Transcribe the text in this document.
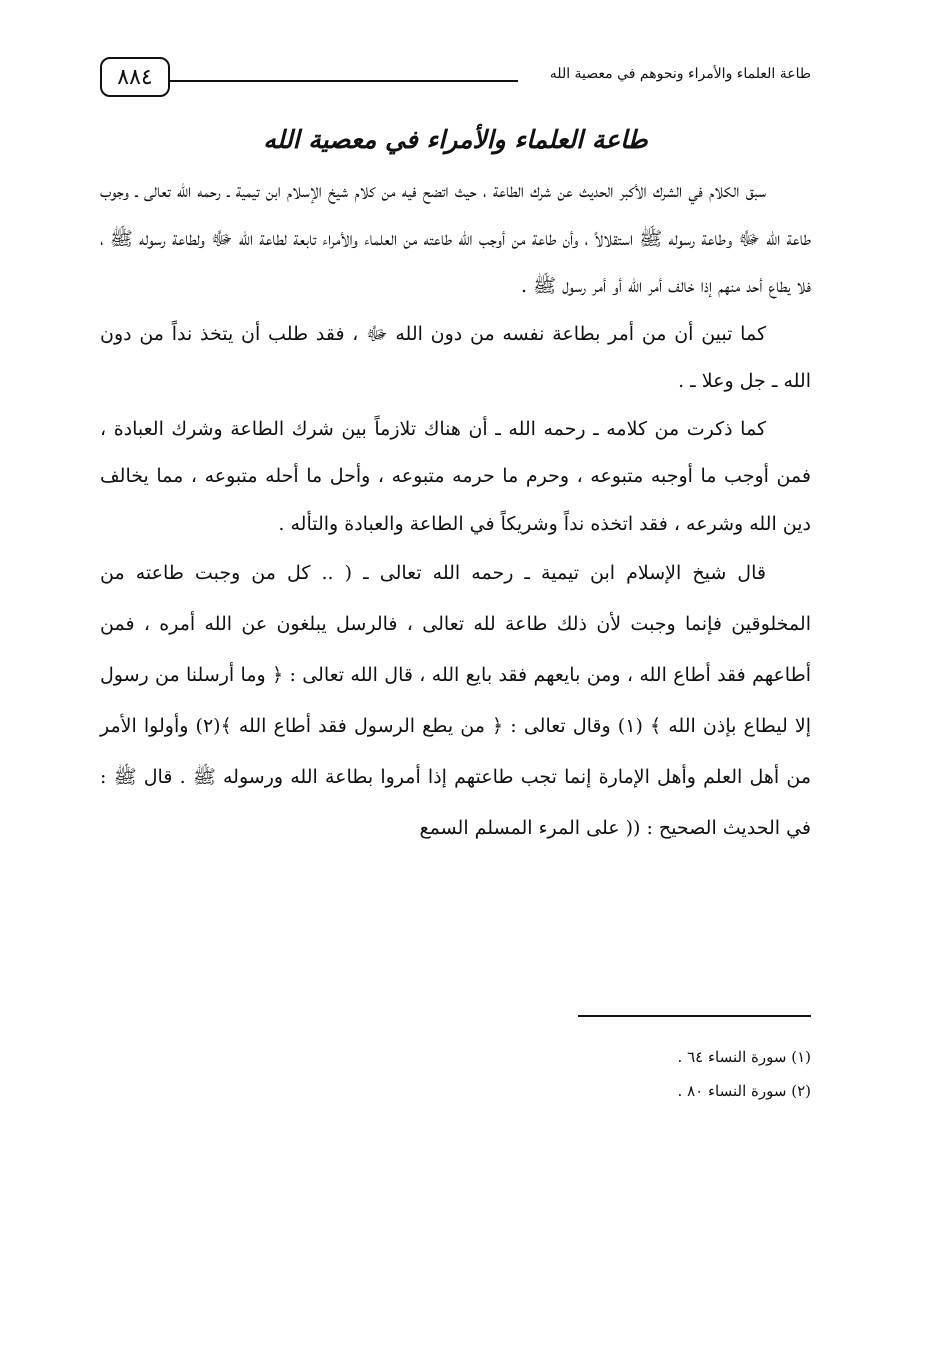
٨٨٤	طاعة العلماء والأمراء ونحوهم في معصية الله
طاعة العلماء والأمراء في معصية الله

سبق الكلام في الشرك الأكبر الحديث عن شرك الطاعة ، حيث اتضح فيه من كلام شيخ الإسلام ابن تيمية ـ رحمه الله تعالى ـ وجوب طاعة الله ﷻ وطاعة رسوله ﷺ استقلالاً ، وأن طاعة من أوجب الله طاعته من العلماء والأمراء تابعة لطاعة الله ﷻ ولطاعة رسوله ﷺ ، فلا يطاع أحد منهم إذا خالف أمر الله أو أمر رسول ﷺ .

كما تبين أن من أمر بطاعة نفسه من دون الله ﷻ ، فقد طلب أن يتخذ نداً من دون الله ـ جل وعلا ـ .

كما ذكرت من كلامه ـ رحمه الله ـ أن هناك تلازماً بين شرك الطاعة وشرك العبادة ، فمن أوجب ما أوجبه متبوعه ، وحرم ما حرمه متبوعه ، وأحل ما أحله متبوعه ، مما يخالف دين الله وشرعه ، فقد اتخذه نداً وشريكاً في الطاعة والعبادة والتأله .

قال شيخ الإسلام ابن تيمية ـ رحمه الله تعالى ـ ( .. كل من وجبت طاعته من المخلوقين فإنما وجبت لأن ذلك طاعة لله تعالى ، فالرسل يبلغون عن الله أمره ، فمن أطاعهم فقد أطاع الله ، ومن بايعهم فقد بايع الله ، قال الله تعالى : ﴿ وما أرسلنا من رسول إلا ليطاع بإذن الله ﴾ (١) وقال تعالى : ﴿ من يطع الرسول فقد أطاع الله ﴾(٢) وأولوا الأمر من أهل العلم وأهل الإمارة إنما تجب طاعتهم إذا أمروا بطاعة الله ورسوله ﷺ . قال ﷺ : في الحديث الصحيح : (( على المرء المسلم السمع

(١) سورة النساء ٦٤ .
(٢) سورة النساء ٨٠ .
